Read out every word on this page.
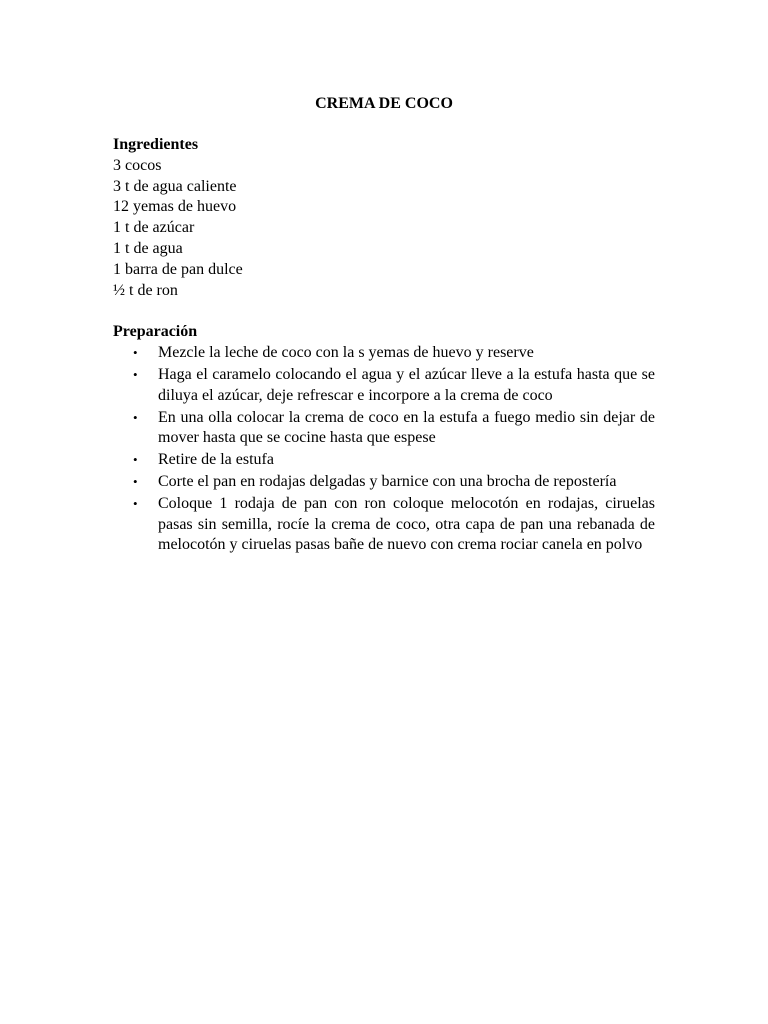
CREMA DE COCO

Ingredientes

3 cocos
3 t de agua caliente
12 yemas de huevo
1 t de azúcar
1 t de agua
1 barra de pan dulce
½ t de ron

Preparación

• Mezcle la leche de coco con la s yemas de huevo y reserve
• Haga el caramelo colocando el agua y el azúcar lleve a la estufa hasta que se diluya el azúcar, deje refrescar e incorpore a la crema de coco
• En una olla colocar la crema de coco en la estufa a fuego medio sin dejar de mover hasta que se cocine hasta que espese
• Retire de la estufa
• Corte el pan en rodajas delgadas y barnice con una brocha de repostería
• Coloque 1 rodaja de pan con ron coloque melocotón en rodajas, ciruelas pasas sin semilla, rocíe la crema de coco, otra capa de pan una rebanada de melocotón y ciruelas pasas bañe de nuevo con crema rociar canela en polvo
